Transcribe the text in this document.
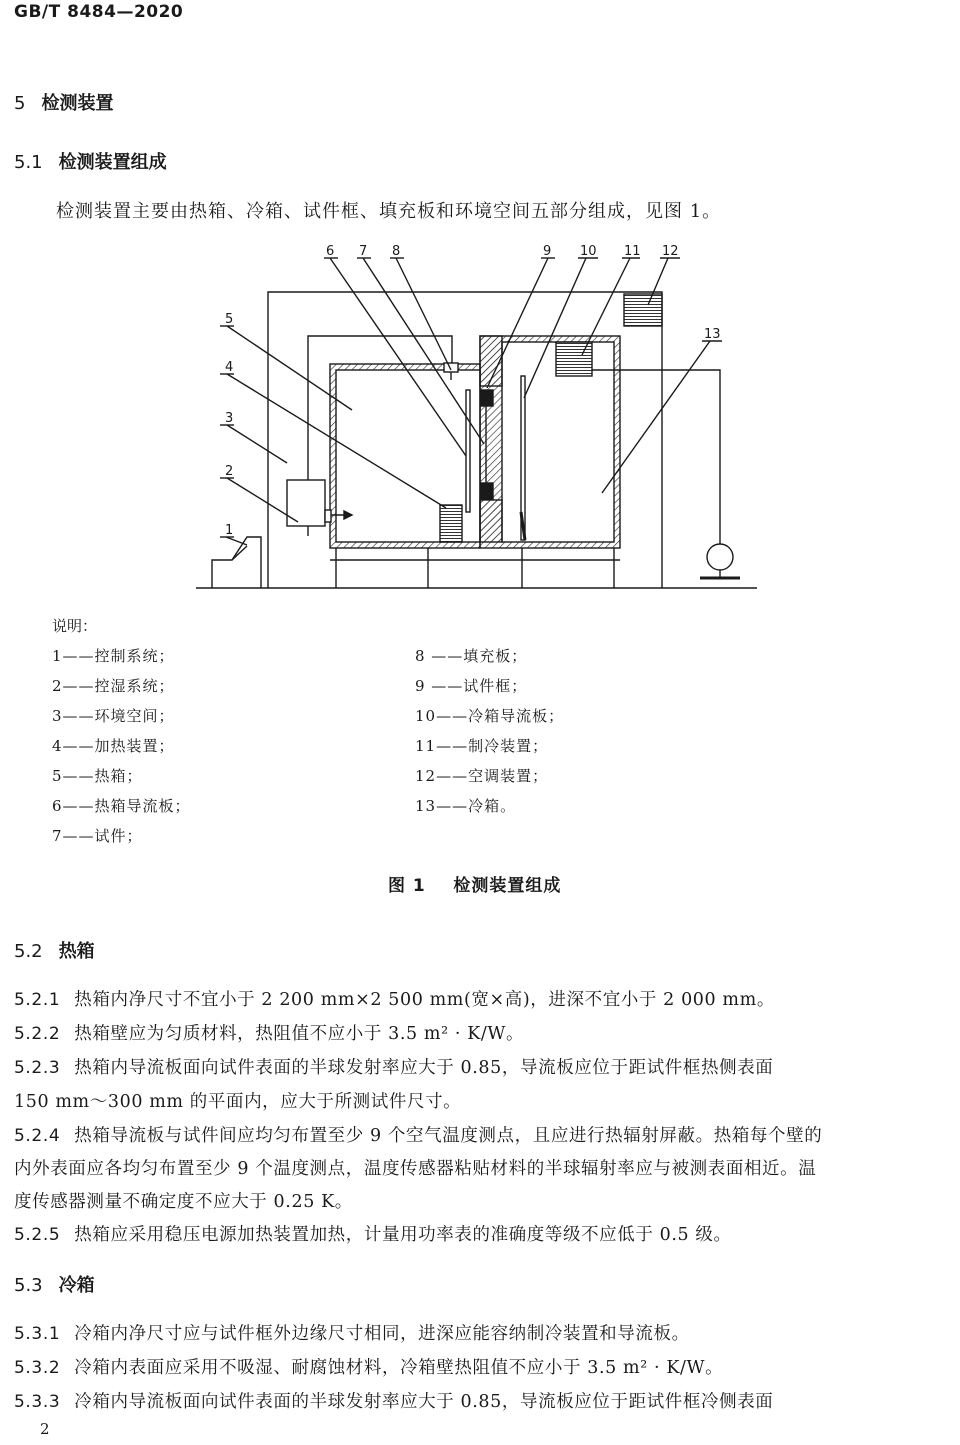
GB/T 8484—2020
5 检测装置
5.1 检测装置组成
检测装置主要由热箱、冷箱、试件框、填充板和环境空间五部分组成，见图 1。
1
2
3
4
5
6 7 8	9 10 11 12
13
说明：
1——控制系统；
2——控湿系统；
3——环境空间；
4——加热装置；
5——热箱；
6——热箱导流板；
7——试件；
8 ——填充板；
9 ——试件框；
10——冷箱导流板；
11——制冷装置；
12——空调装置；
13——冷箱。
图 1    检测装置组成
5.2 热箱
5.2.1 热箱内净尺寸不宜小于 2 200 mm×2 500 mm(宽×高)，进深不宜小于 2 000 mm。
5.2.2 热箱壁应为匀质材料，热阻值不应小于 3.5 m² · K/W。
5.2.3 热箱内导流板面向试件表面的半球发射率应大于 0.85，导流板应位于距试件框热侧表面
150 mm～300 mm 的平面内，应大于所测试件尺寸。
5.2.4 热箱导流板与试件间应均匀布置至少 9 个空气温度测点，且应进行热辐射屏蔽。热箱每个壁的
内外表面应各均匀布置至少 9 个温度测点，温度传感器粘贴材料的半球辐射率应与被测表面相近。温
度传感器测量不确定度不应大于 0.25 K。
5.2.5 热箱应采用稳压电源加热装置加热，计量用功率表的准确度等级不应低于 0.5 级。
5.3 冷箱
5.3.1 冷箱内净尺寸应与试件框外边缘尺寸相同，进深应能容纳制冷装置和导流板。
5.3.2 冷箱内表面应采用不吸湿、耐腐蚀材料，冷箱壁热阻值不应小于 3.5 m² · K/W。
5.3.3 冷箱内导流板面向试件表面的半球发射率应大于 0.85，导流板应位于距试件框冷侧表面
2
